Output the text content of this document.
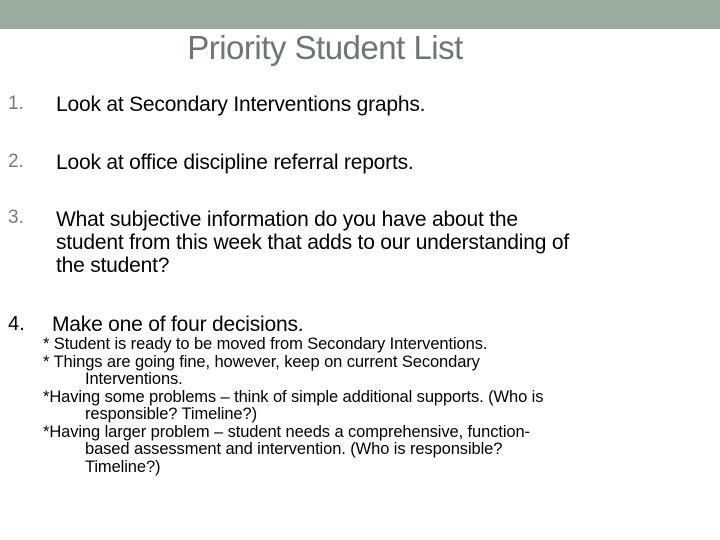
Priority Student List
1. Look at Secondary Interventions graphs.
2. Look at office discipline referral reports.
3. What subjective information do you have about the
student from this week that adds to our understanding of
the student?
4. Make one of four decisions.
* Student is ready to be moved from Secondary Interventions.
* Things are going fine, however, keep on current Secondary
Interventions.
*Having some problems – think of simple additional supports. (Who is
responsible? Timeline?)
*Having larger problem – student needs a comprehensive, function-
based assessment and intervention. (Who is responsible?
Timeline?)
